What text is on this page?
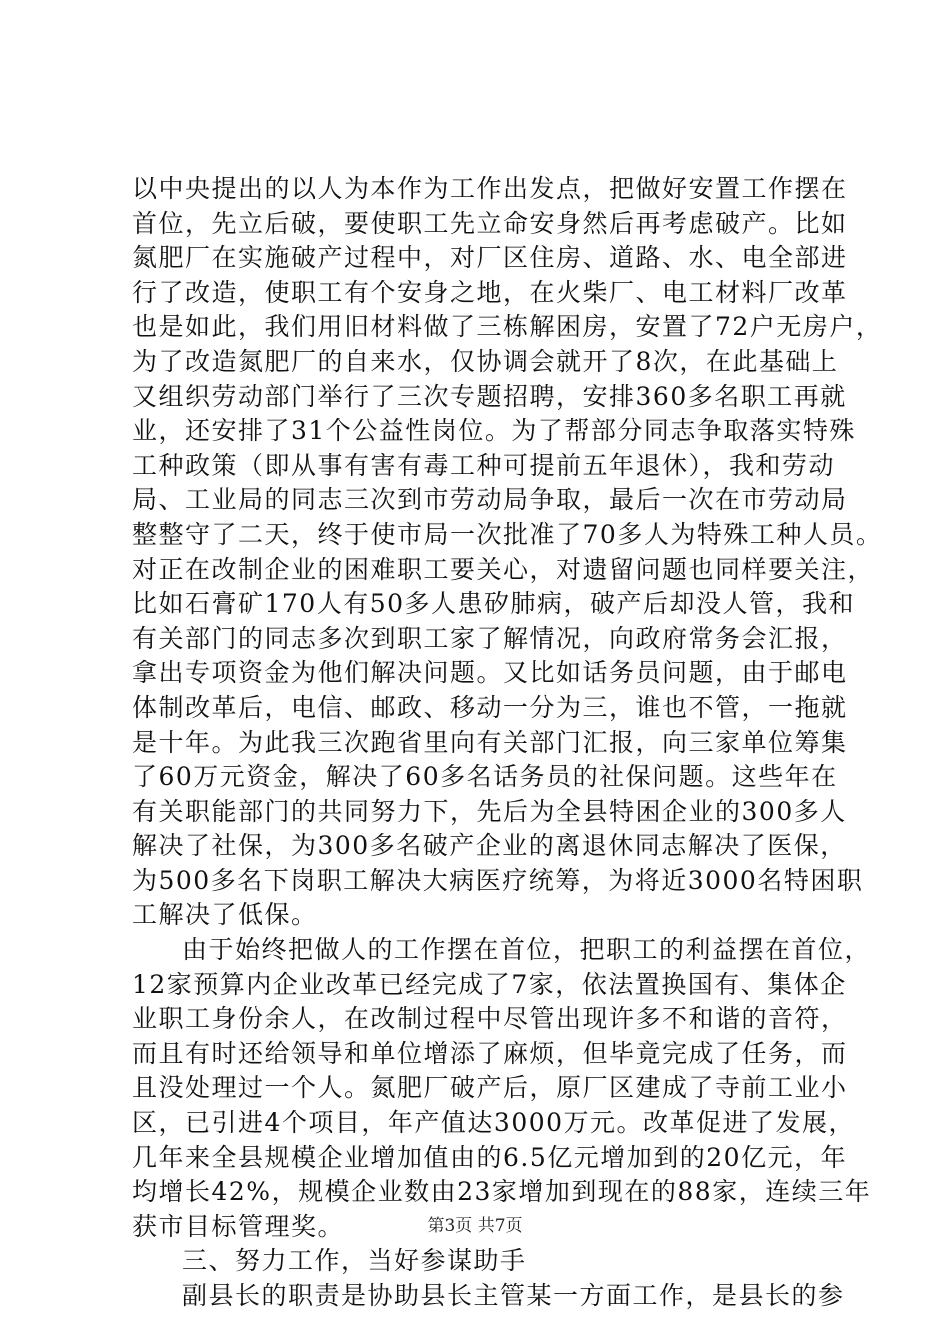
以中央提出的以人为本作为工作出发点，把做好安置工作摆在
首位，先立后破，要使职工先立命安身然后再考虑破产。比如
氮肥厂在实施破产过程中，对厂区住房、道路、水、电全部进
行了改造，使职工有个安身之地，在火柴厂、电工材料厂改革
也是如此，我们用旧材料做了三栋解困房，安置了72户无房户，
为了改造氮肥厂的自来水，仅协调会就开了8次，在此基础上
又组织劳动部门举行了三次专题招聘，安排360多名职工再就
业，还安排了31个公益性岗位。为了帮部分同志争取落实特殊
工种政策（即从事有害有毒工种可提前五年退休），我和劳动
局、工业局的同志三次到市劳动局争取，最后一次在市劳动局
整整守了二天，终于使市局一次批准了70多人为特殊工种人员。
对正在改制企业的困难职工要关心，对遗留问题也同样要关注，
比如石膏矿170人有50多人患矽肺病，破产后却没人管，我和
有关部门的同志多次到职工家了解情况，向政府常务会汇报，
拿出专项资金为他们解决问题。又比如话务员问题，由于邮电
体制改革后，电信、邮政、移动一分为三，谁也不管，一拖就
是十年。为此我三次跑省里向有关部门汇报，向三家单位筹集
了60万元资金，解决了60多名话务员的社保问题。这些年在
有关职能部门的共同努力下，先后为全县特困企业的300多人
解决了社保，为300多名破产企业的离退休同志解决了医保，
为500多名下岗职工解决大病医疗统筹，为将近3000名特困职
工解决了低保。
由于始终把做人的工作摆在首位，把职工的利益摆在首位，
12家预算内企业改革已经完成了7家，依法置换国有、集体企
业职工身份余人，在改制过程中尽管出现许多不和谐的音符，
而且有时还给领导和单位增添了麻烦，但毕竟完成了任务，而
且没处理过一个人。氮肥厂破产后，原厂区建成了寺前工业小
区，已引进4个项目，年产值达3000万元。改革促进了发展，
几年来全县规模企业增加值由的6.5亿元增加到的20亿元，年
均增长42%，规模企业数由23家增加到现在的88家，连续三年
获市目标管理奖。
三、努力工作，当好参谋助手
副县长的职责是协助县长主管某一方面工作，是县长的参
第3页 共7页
